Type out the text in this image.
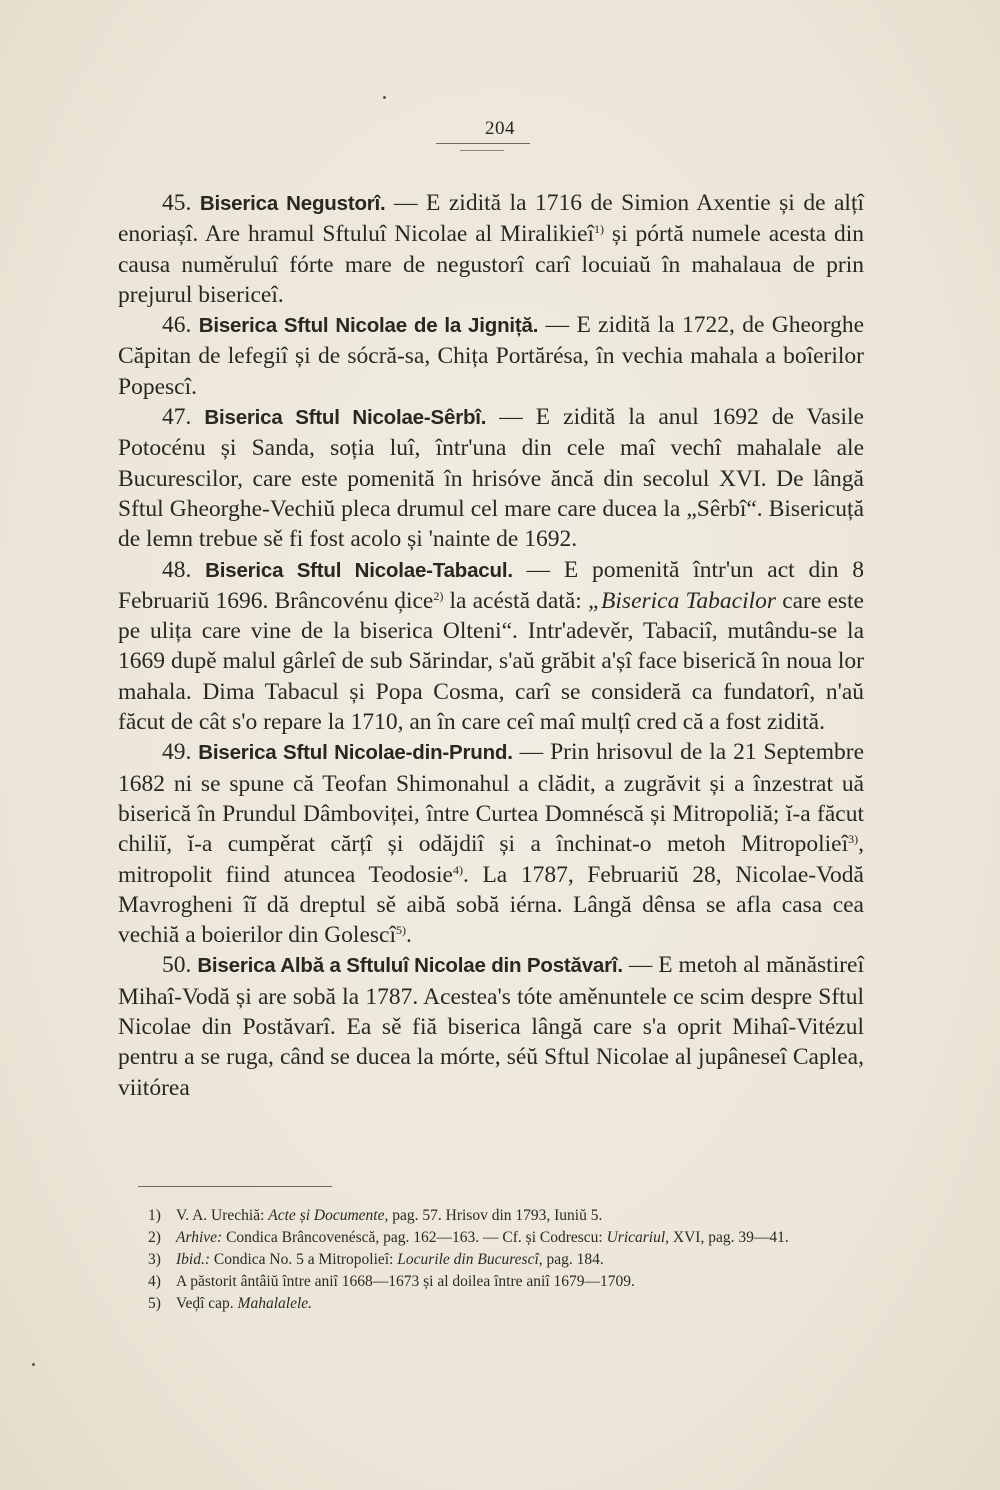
204

45. Biserica Negustorî. — E zidită la 1716 de Simion Axentie și de alțî enoriașî. Are hramul Sftuluî Nicolae al Miralikieî$^{1)}$ și pórtă numele acesta din causa numěruluî fórte mare de negustorî carî locuiaŭ în mahalaua de prin prejurul bisericeî.

46. Biserica Sftul Nicolae de la Jigniță. — E zidită la 1722, de Gheorghe Căpitan de lefegiî și de sócră-sa, Chița Portărésa, în vechia mahala a boîerilor Popescî.

47. Biserica Sftul Nicolae-Sêrbî. — E zidită la anul 1692 de Vasile Potocénu și Sanda, soția luî, într'una din cele maî vechî mahalale ale Bucurescilor, care este pomenită în hrisóve ăncă din secolul XVI. De lângă Sftul Gheorghe-Vechiŭ pleca drumul cel mare care ducea la „Sêrbî“. Bisericuță de lemn trebue sě fi fost acolo și 'nainte de 1692.

48. Biserica Sftul Nicolae-Tabacul. — E pomenită într'un act din 8 Februariŭ 1696. Brâncovénu ḑice$^{2)}$ la acéstă dată: „Biserica Tabacilor care este pe ulița care vine de la biserica Olteni“. Intr'adevěr, Tabaciî, mutându-se la 1669 dupě malul gârleî de sub Sărindar, s'aŭ grăbit a'șî face biserică în noua lor mahala. Dima Tabacul și Popa Cosma, carî se consideră ca fundatorî, n'aŭ făcut de cât s'o repare la 1710, an în care ceî maî mulțî cred că a fost zidită.

49. Biserica Sftul Nicolae-din-Prund. — Prin hrisovul de la 21 Septembre 1682 ni se spune că Teofan Shimonahul a clădit, a zugrăvit și a înzestrat uă biserică în Prundul Dâmboviței, între Curtea Domnéscă și Mitropoliă; ĭ-a făcut chiliĭ, ĭ-a cumpěrat cărțî și odăjdiî și a închinat-o metoh Mitropolieî$^{3)}$, mitropolit fiind atuncea Teodosie$^{4)}$. La 1787, Februariŭ 28, Nicolae-Vodă Mavrogheni îĭ dă dreptul sě aibă sobă iérna. Lângă dênsa se afla casa cea vechiă a boierilor din Golescî$^{5)}$.

50. Biserica Albă a Sftuluî Nicolae din Postăvarî. — E metoh al mănăstireî Mihaî-Vodă și are sobă la 1787. Acestea's tóte aměnuntele ce scim despre Sftul Nicolae din Postăvarî. Ea sě fiă biserica lângă care s'a oprit Mihaî-Vitézul pentru a se ruga, când se ducea la mórte, séŭ Sftul Nicolae al jupâneseî Caplea, viitórea

1) V. A. Urechiă: Acte și Documente, pag. 57. Hrisov din 1793, Iuniŭ 5.

2) Arhive: Condica Brâncovenéscă, pag. 162—163. — Cf. și Codrescu: Uricariul, XVI, pag. 39—41.

3) Ibid.: Condica No. 5 a Mitropolieî: Locurile din Bucurescî, pag. 184.

4) A păstorit ântâiŭ între aniî 1668—1673 și al doilea între aniî 1679—1709.

5) Veḑî cap. Mahalalele.
